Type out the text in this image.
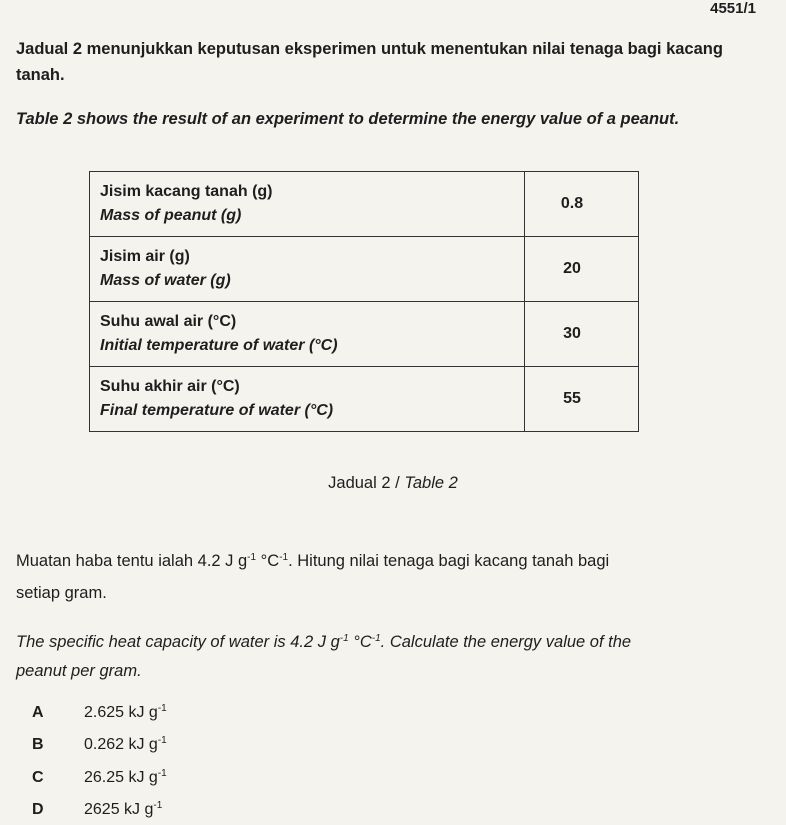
4551/1
Jadual 2 menunjukkan keputusan eksperimen untuk menentukan nilai tenaga bagi kacang
tanah.
Table 2 shows the result of an experiment to determine the energy value of a peanut.
Jisim kacang tanah (g)
Mass of peanut (g)	0.8

Jisim air (g)
Mass of water (g)	20

Suhu awal air (°C)
Initial temperature of water (°C)	30

Suhu akhir air (°C)
Final temperature of water (°C)	55
Jadual 2 / Table 2
Muatan haba tentu ialah 4.2 J $g^{-1}$ $^\circ C^{-1}$. Hitung nilai tenaga bagi kacang tanah bagi
setiap gram.
The specific heat capacity of water is 4.2 J $g^{-1}$ $^\circ C^{-1}$. Calculate the energy value of the
peanut per gram.
A	2.625 kJ $g^{-1}$
B	0.262 kJ $g^{-1}$
C	26.25 kJ $g^{-1}$
D	2625 kJ $g^{-1}$
